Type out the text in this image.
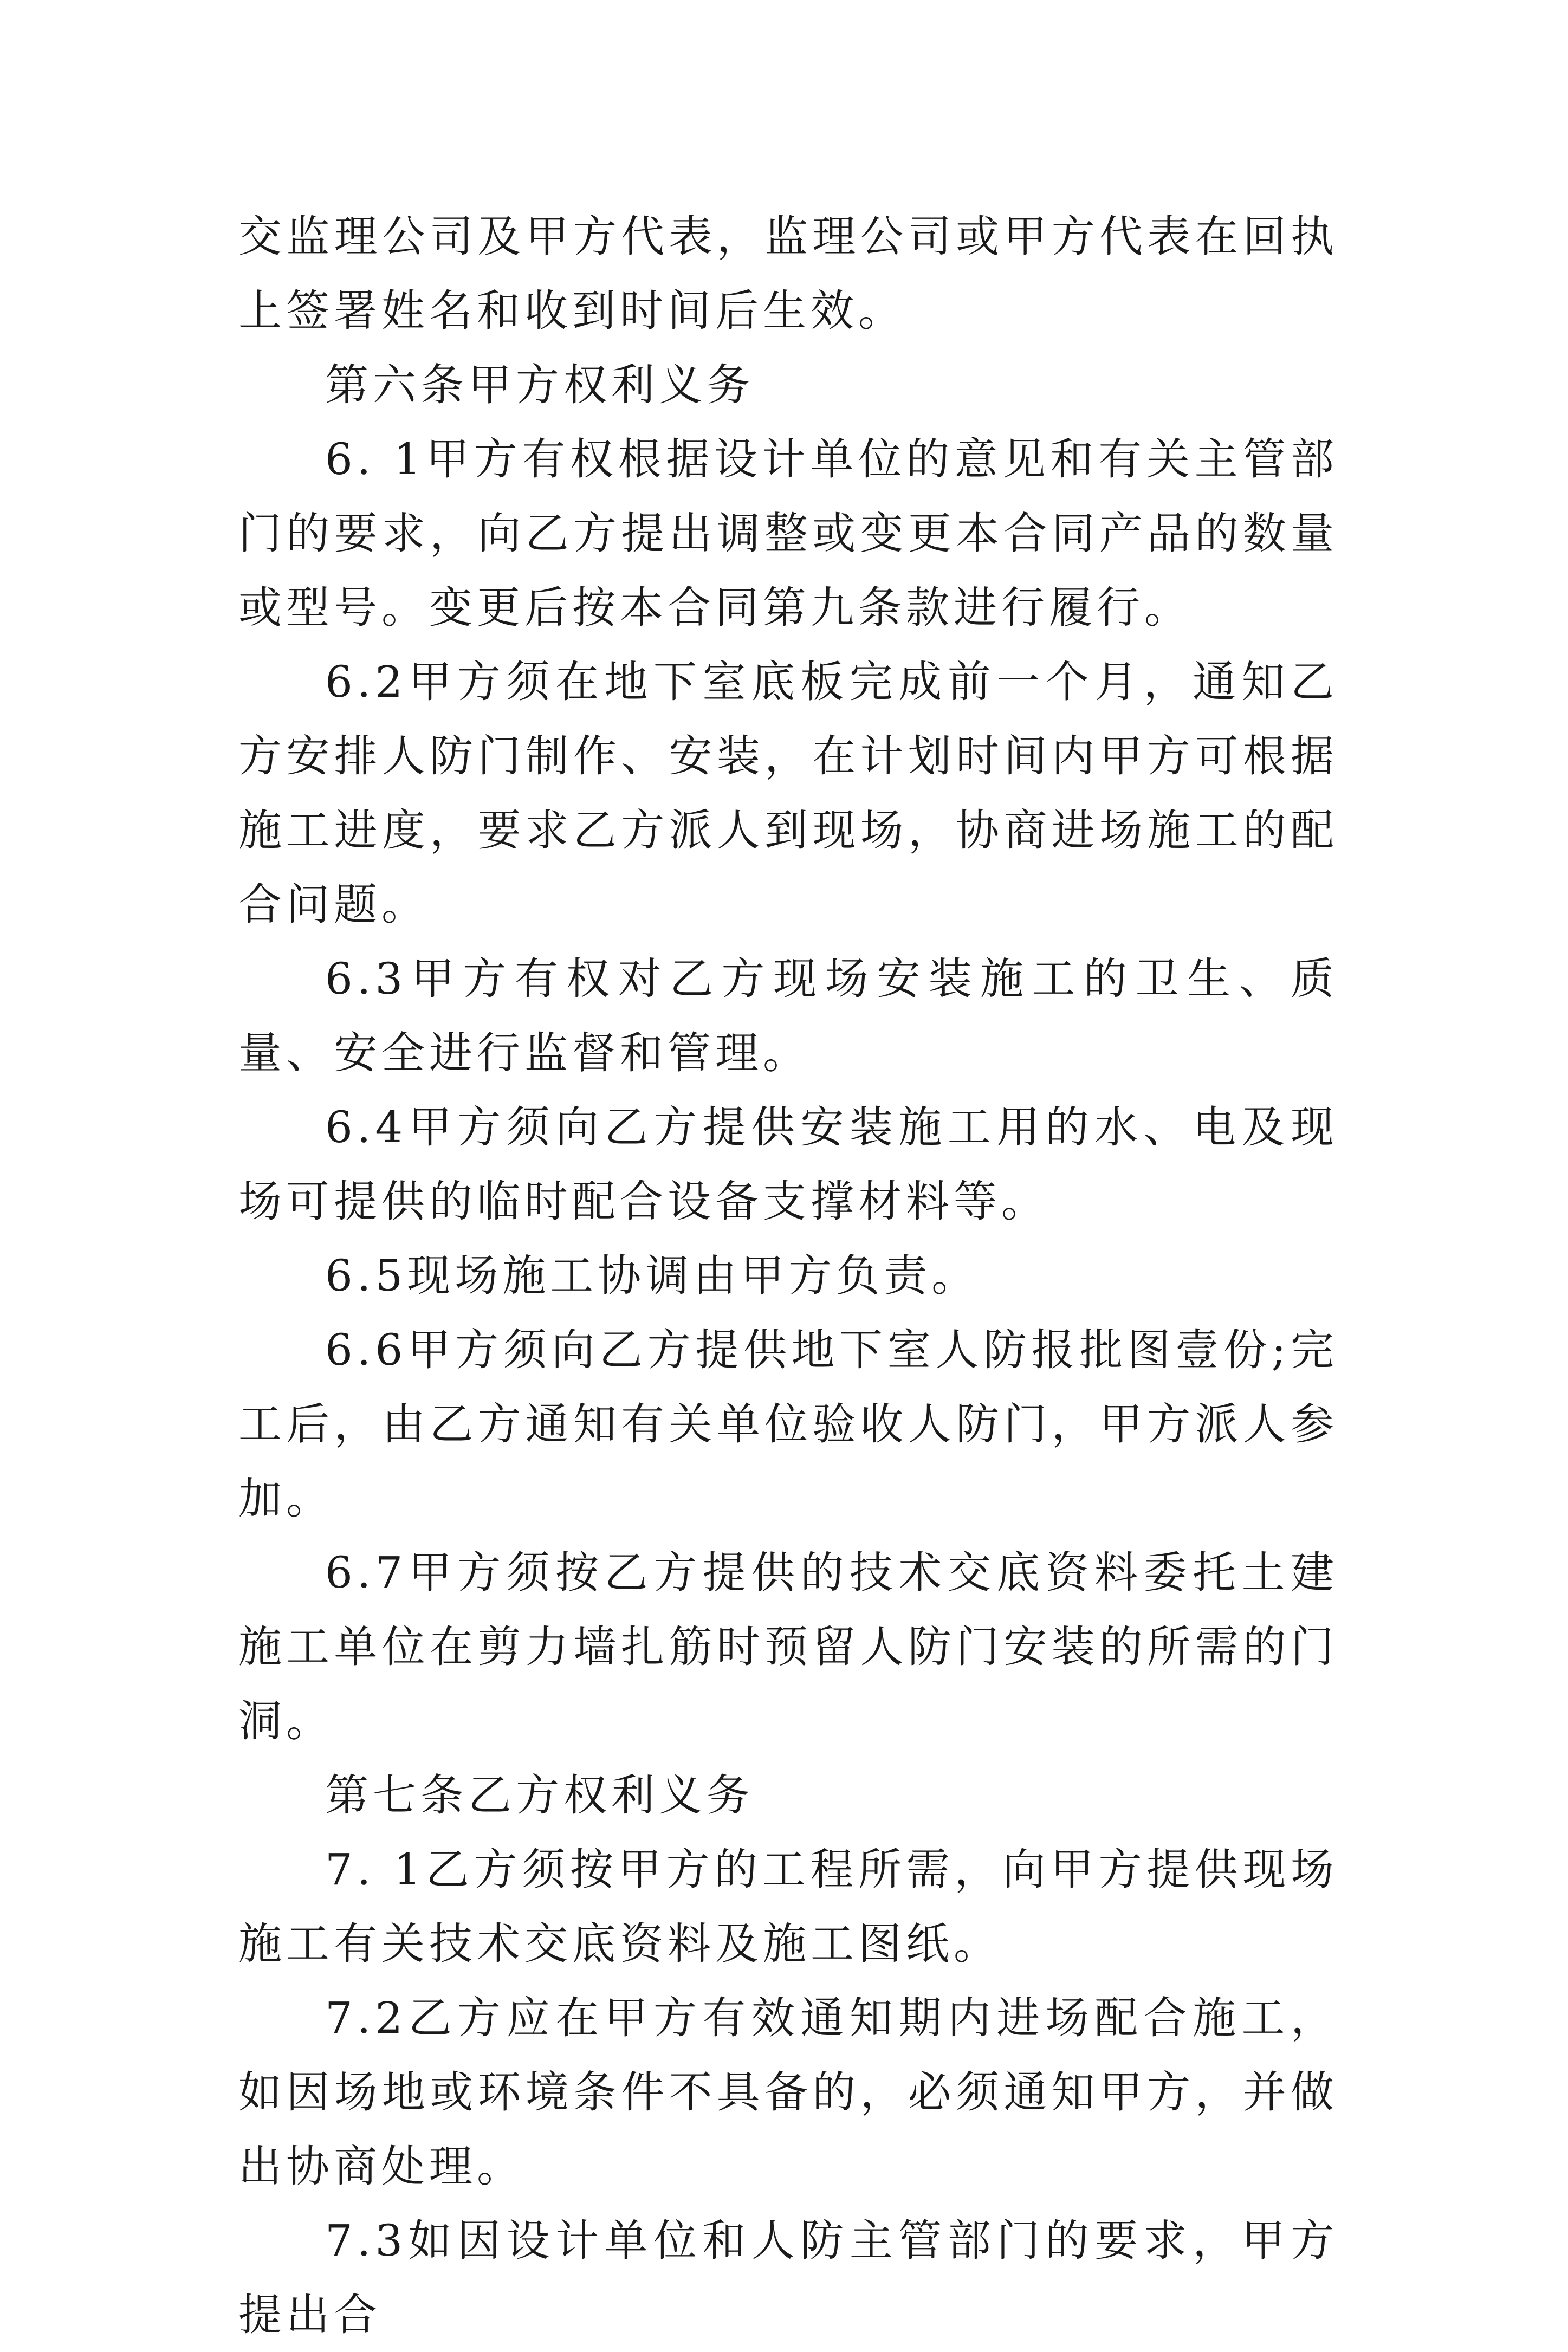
交监理公司及甲方代表，监理公司或甲方代表在回执上签署姓名和收到时间后生效。

第六条甲方权利义务

6. 1甲方有权根据设计单位的意见和有关主管部门的要求，向乙方提出调整或变更本合同产品的数量或型号。变更后按本合同第九条款进行履行。

6.2甲方须在地下室底板完成前一个月，通知乙方安排人防门制作、安装，在计划时间内甲方可根据施工进度，要求乙方派人到现场，协商进场施工的配合问题。

6.3甲方有权对乙方现场安装施工的卫生、质量、安全进行监督和管理。

6.4甲方须向乙方提供安装施工用的水、电及现场可提供的临时配合设备支撑材料等。

6.5现场施工协调由甲方负责。

6.6甲方须向乙方提供地下室人防报批图壹份;完工后，由乙方通知有关单位验收人防门，甲方派人参加。

6.7甲方须按乙方提供的技术交底资料委托土建施工单位在剪力墙扎筋时预留人防门安装的所需的门洞。

第七条乙方权利义务

7. 1乙方须按甲方的工程所需，向甲方提供现场施工有关技术交底资料及施工图纸。

7.2乙方应在甲方有效通知期内进场配合施工，如因场地或环境条件不具备的，必须通知甲方，并做出协商处理。

7.3如因设计单位和人防主管部门的要求，甲方提出合
